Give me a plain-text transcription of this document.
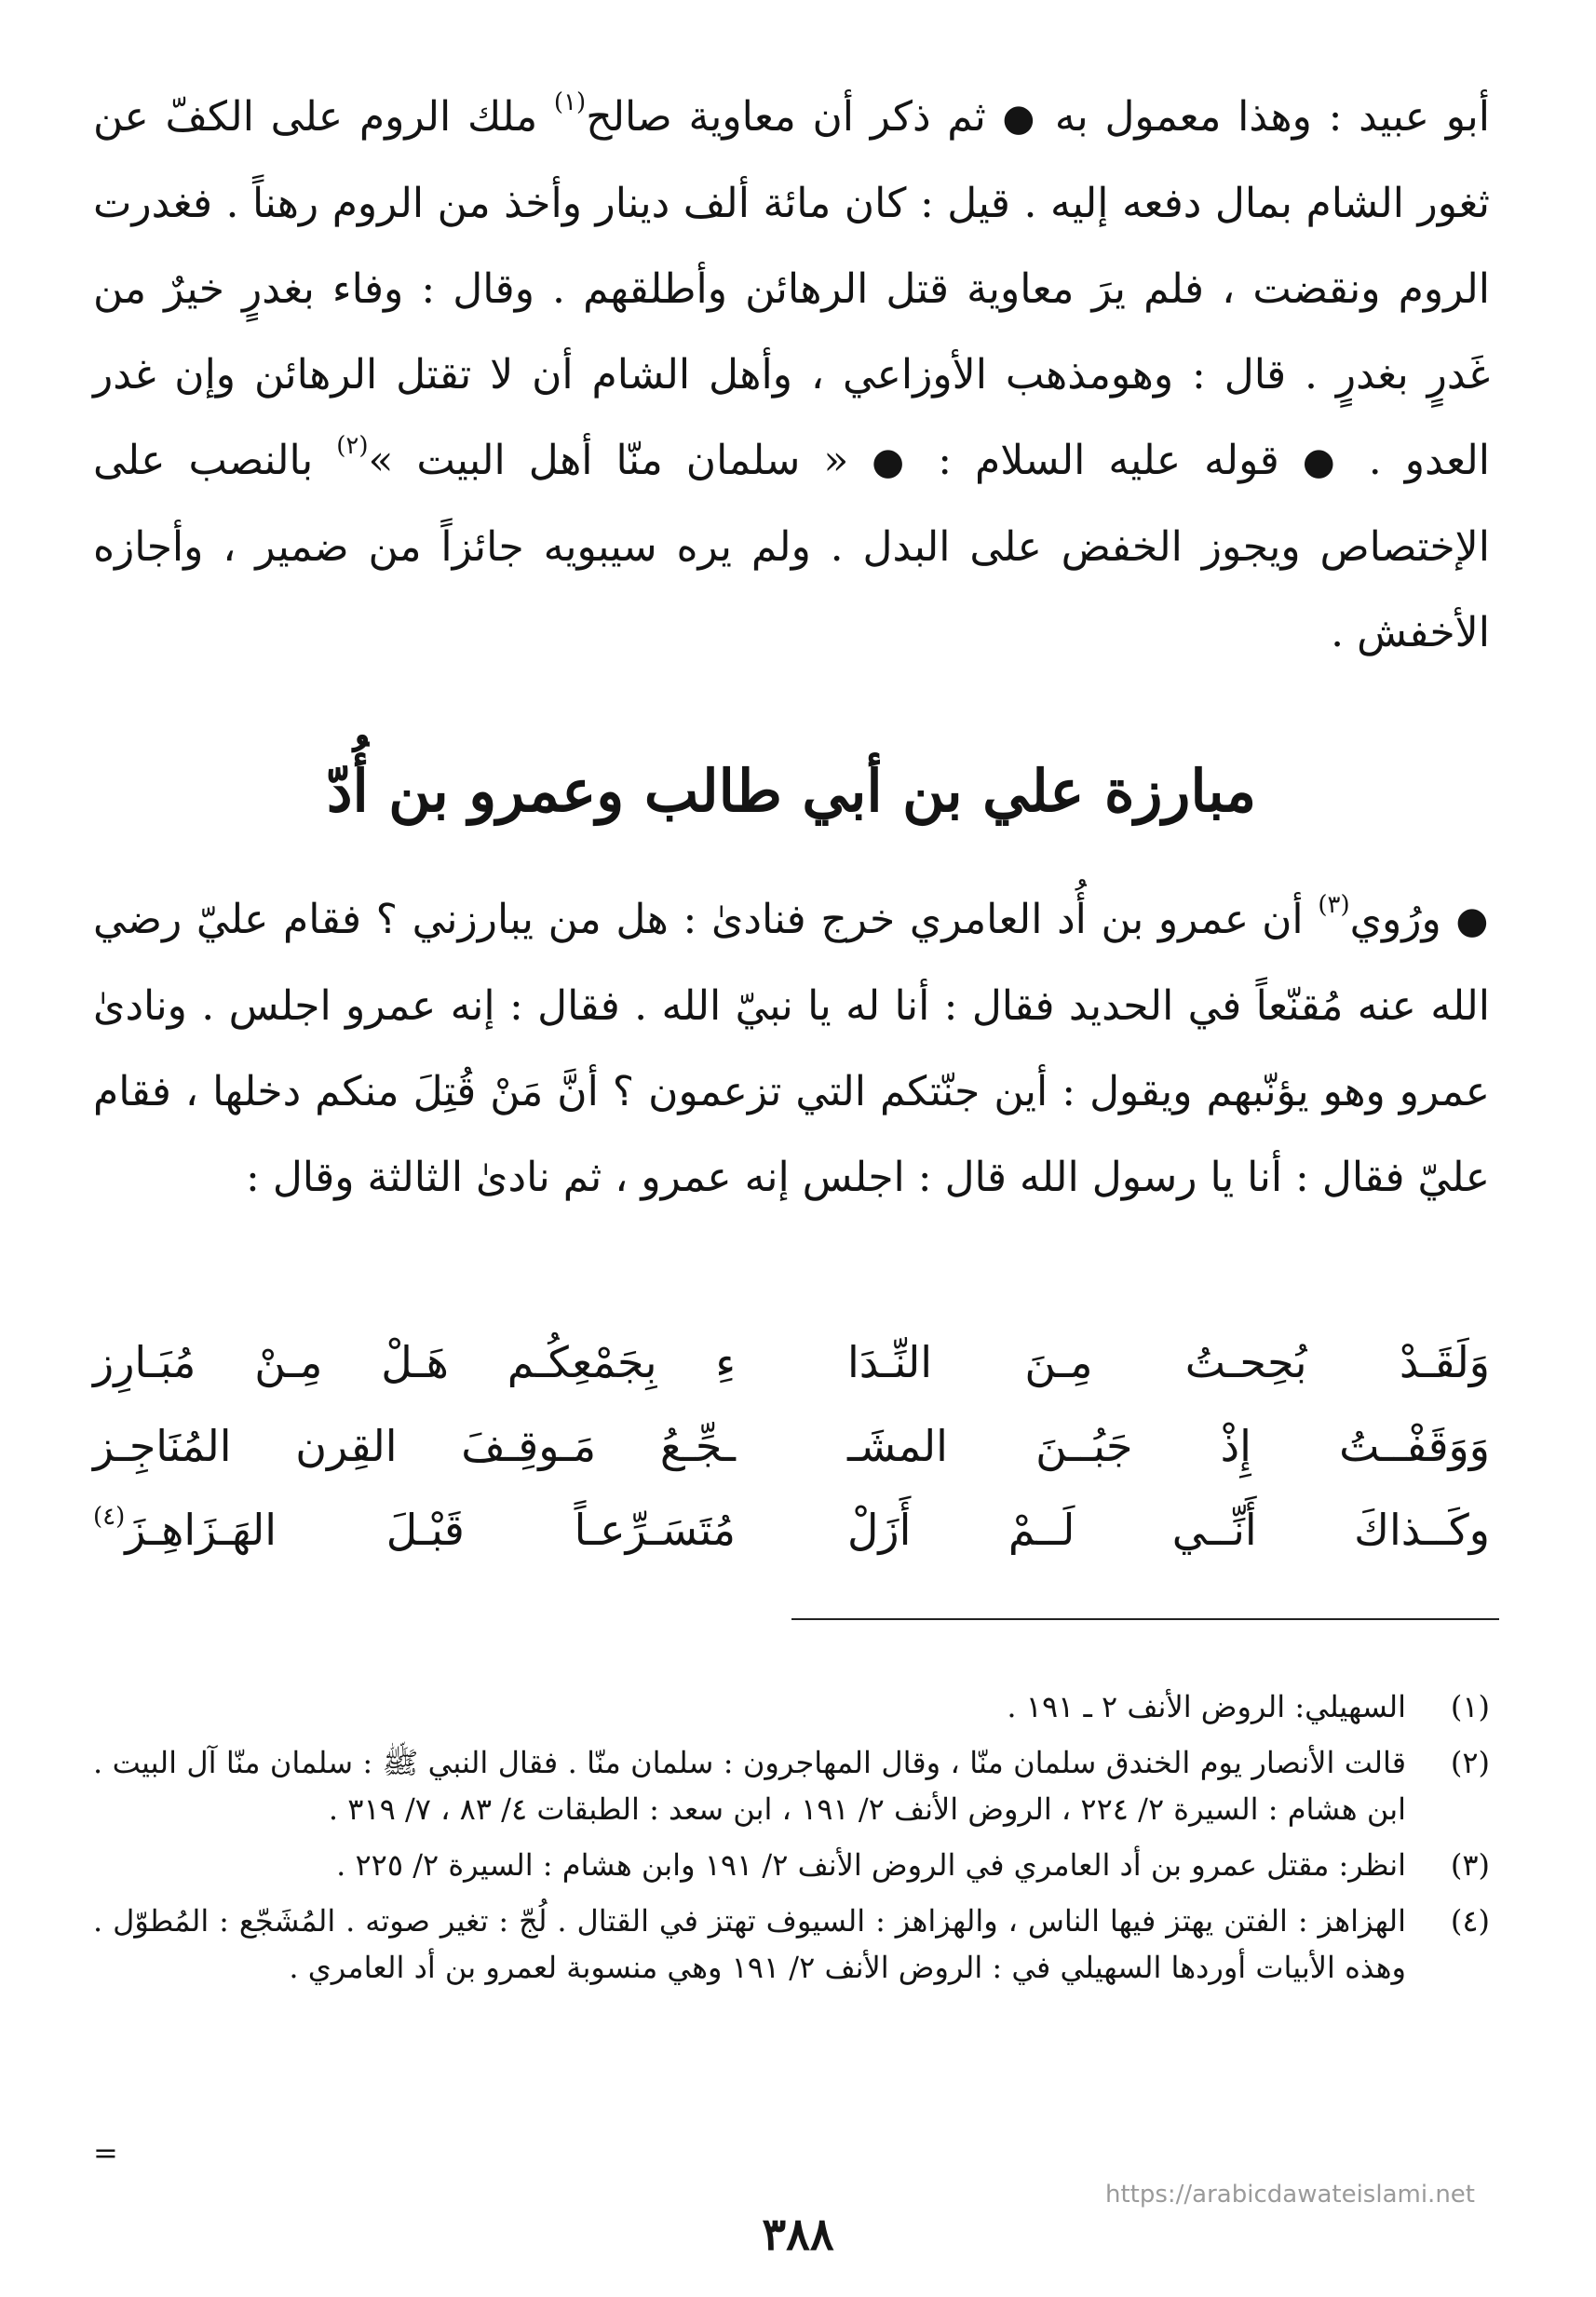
أبو عبيد : وهذا معمول به ● ثم ذكر أن معاوية صالح$^{(١)}$ ملك الروم على الكفّ عن ثغور الشام بمال دفعه إليه . قيل : كان مائة ألف دينار وأخذ من الروم رهناً . فغدرت الروم ونقضت ، فلم يرَ معاوية قتل الرهائن وأطلقهم . وقال : وفاء بغدرٍ خيرٌ من غَدرٍ بغدرٍ . قال : وهومذهب الأوزاعي ، وأهل الشام أن لا تقتل الرهائن وإن غدر العدو . ● قوله عليه السلام : ● « سلمان منّا أهل البيت »$^{(٢)}$ بالنصب على الإختصاص ويجوز الخفض على البدل . ولم يره سيبويه جائزاً من ضمير ، وأجازه الأخفش .

مبارزة علي بن أبي طالب وعمرو بن أُدّ

● ورُوي$^{(٣)}$ أن عمرو بن أُد العامري خرج فنادىٰ : هل من يبارزني ؟ فقام عليّ رضي الله عنه مُقنّعاً في الحديد فقال : أنا له يا نبيّ الله . فقال : إنه عمرو اجلس . ونادىٰ عمرو وهو يؤنّبهم ويقول : أين جنّتكم التي تزعمون ؟ أنَّ مَنْ قُتِلَ منكم دخلها ، فقام عليّ فقال : أنا يا رسول الله قال : اجلس إنه عمرو ، ثم نادىٰ الثالثة وقال :

وَلَقَـدْ بُحِحـتُ مِـنَ النِّـدَا
ءِ بِجَمْعِكُـم هَـلْ مِـنْ مُبَـارِز
وَوَقَفْــتُ إِذْ جَبُــنَ المشَـ
ـجِّـعُ مَـوقِـفَ القِرن المُنَاجِـز
وكَــذاكَ أَنِّــي لَــمْ أَزَلْ
مُتَسَـرِّعـاً قَبْـلَ الهَـزَاهِـزَ$^{(٤)}$
(١)
السهيلي: الروض الأنف ٢ ـ ١٩١ .
(٢)
قالت الأنصار يوم الخندق سلمان منّا ، وقال المهاجرون : سلمان منّا . فقال النبي ﷺ : سلمان منّا آل البيت . ابن هشام : السيرة ٢/ ٢٢٤ ، الروض الأنف ٢/ ١٩١ ، ابن سعد : الطبقات ٤/ ٨٣ ، ٧/ ٣١٩ .
(٣)
انظر: مقتل عمرو بن أد العامري في الروض الأنف ٢/ ١٩١ وابن هشام : السيرة ٢/ ٢٢٥ .
(٤)
الهزاهز : الفتن يهتز فيها الناس ، والهزاهز : السيوف تهتز في القتال . لُجّ : تغير صوته . المُشَجّع : المُطوّل . وهذه الأبيات أوردها السهيلي في : الروض الأنف ٢/ ١٩١ وهي منسوبة لعمرو بن أد العامري .
=
https://arabicdawateislami.net
٣٨٨
